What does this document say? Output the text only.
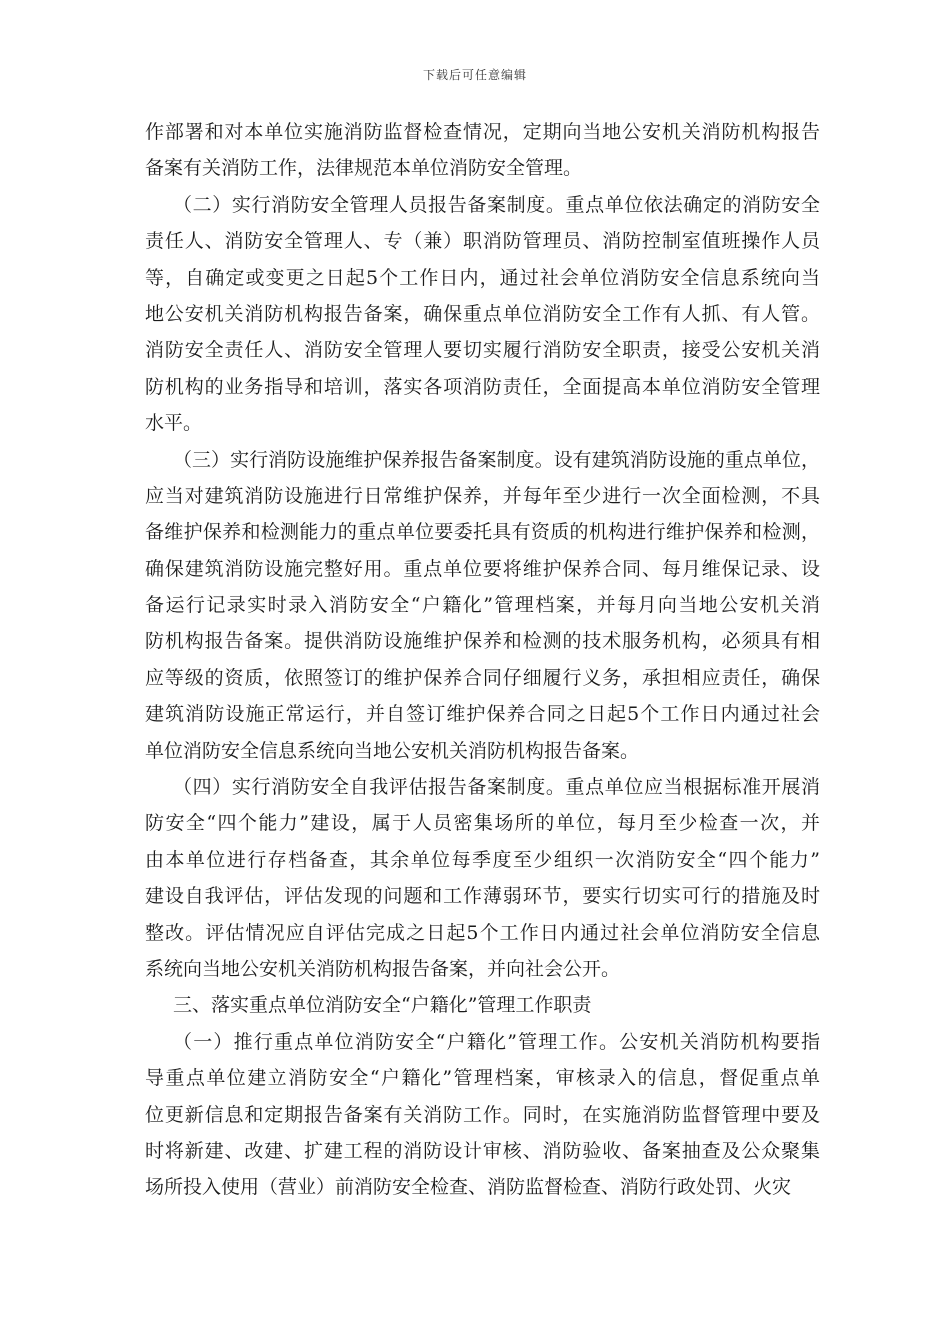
下载后可任意编辑
作部署和对本单位实施消防监督检查情况，定期向当地公安机关消防机构报告
备案有关消防工作，法律规范本单位消防安全管理。
（二）实行消防安全管理人员报告备案制度。重点单位依法确定的消防安全
责任人、消防安全管理人、专（兼）职消防管理员、消防控制室值班操作人员
等，自确定或变更之日起5个工作日内，通过社会单位消防安全信息系统向当
地公安机关消防机构报告备案，确保重点单位消防安全工作有人抓、有人管。
消防安全责任人、消防安全管理人要切实履行消防安全职责，接受公安机关消
防机构的业务指导和培训，落实各项消防责任，全面提高本单位消防安全管理
水平。
（三）实行消防设施维护保养报告备案制度。设有建筑消防设施的重点单位，
应当对建筑消防设施进行日常维护保养，并每年至少进行一次全面检测，不具
备维护保养和检测能力的重点单位要委托具有资质的机构进行维护保养和检测，
确保建筑消防设施完整好用。重点单位要将维护保养合同、每月维保记录、设
备运行记录实时录入消防安全“户籍化”管理档案，并每月向当地公安机关消
防机构报告备案。提供消防设施维护保养和检测的技术服务机构，必须具有相
应等级的资质，依照签订的维护保养合同仔细履行义务，承担相应责任，确保
建筑消防设施正常运行，并自签订维护保养合同之日起5个工作日内通过社会
单位消防安全信息系统向当地公安机关消防机构报告备案。
（四）实行消防安全自我评估报告备案制度。重点单位应当根据标准开展消
防安全“四个能力”建设，属于人员密集场所的单位，每月至少检查一次，并
由本单位进行存档备查，其余单位每季度至少组织一次消防安全“四个能力”
建设自我评估，评估发现的问题和工作薄弱环节，要实行切实可行的措施及时
整改。评估情况应自评估完成之日起5个工作日内通过社会单位消防安全信息
系统向当地公安机关消防机构报告备案，并向社会公开。
三、落实重点单位消防安全“户籍化”管理工作职责
（一）推行重点单位消防安全“户籍化”管理工作。公安机关消防机构要指
导重点单位建立消防安全“户籍化”管理档案，审核录入的信息，督促重点单
位更新信息和定期报告备案有关消防工作。同时，在实施消防监督管理中要及
时将新建、改建、扩建工程的消防设计审核、消防验收、备案抽查及公众聚集
场所投入使用（营业）前消防安全检查、消防监督检查、消防行政处罚、火灾
